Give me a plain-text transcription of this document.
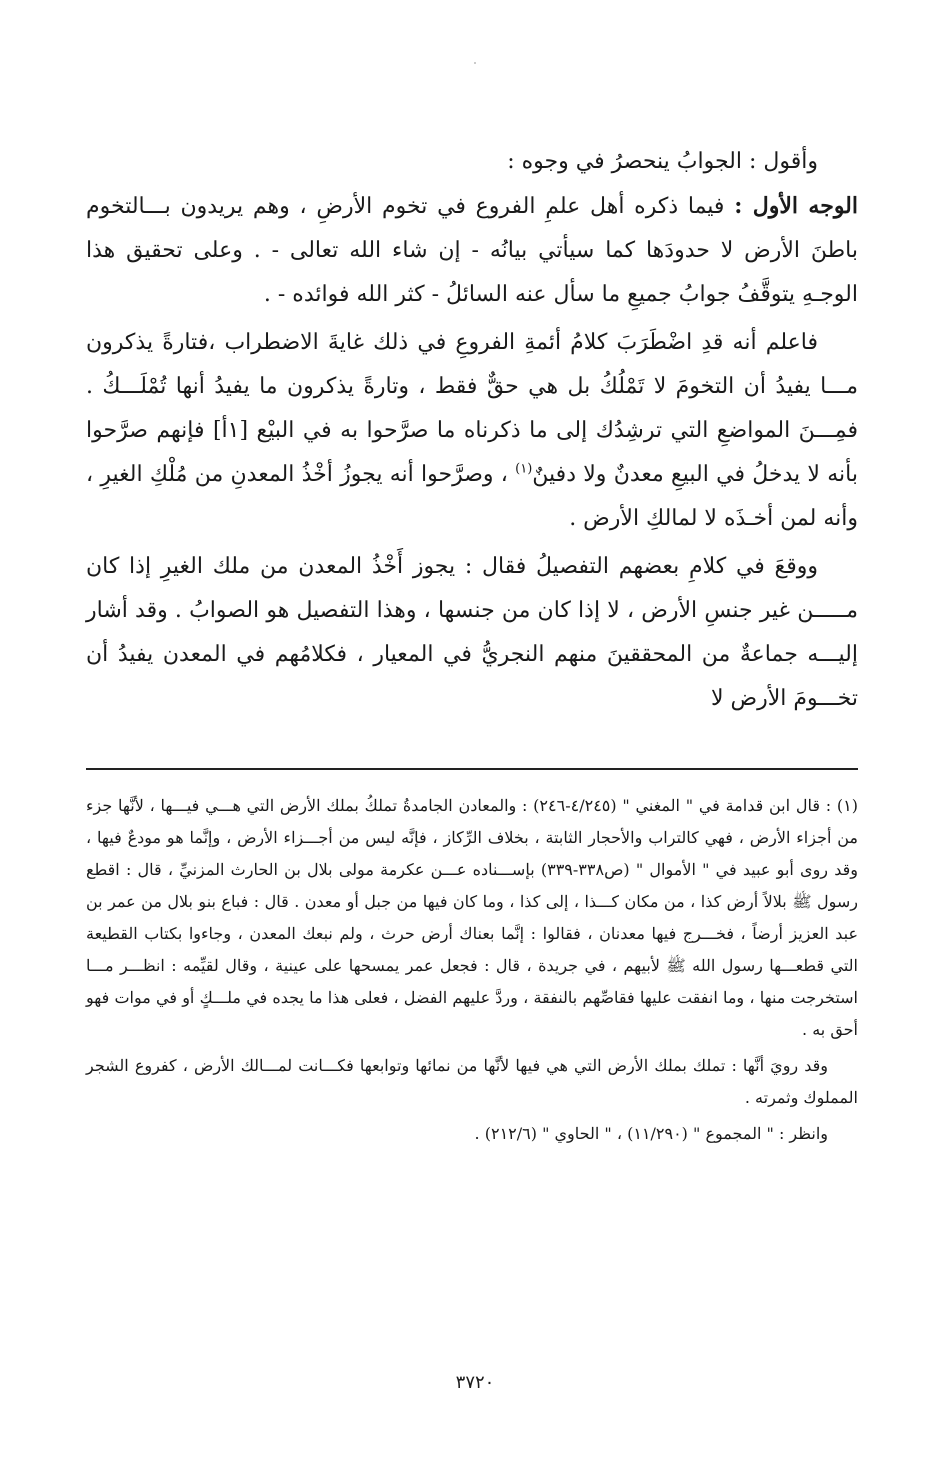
وأقول : الجوابُ ينحصرُ في وجوه :

الوجه الأول : فيما ذكره أهل علمِ الفروع في تخوم الأرضِ ، وهم يريدون بـــالتخوم باطنَ الأرض لا حدودَها كما سيأتي بيانُه - إن شاء الله تعالى - . وعلى تحقيق هذا الوجـهِ يتوقَّفُ جوابُ جميعِ ما سأل عنه السائلُ - كثر الله فوائده - .

فاعلم أنه قدِ اضْطَرَبَ كلامُ أئمةِ الفروعِ في ذلك غايةَ الاضطراب ،فتارةً يذكرون مـــا يفيدُ أن التخومَ لا تَمْلُكُ بل هي حقٌّ فقط ، وتارةً يذكرون ما يفيدُ أنها تُمْلَـــكُ . فمِـــنَ المواضعِ التي ترشِدُك إلى ما ذكرناه ما صرَّحوا به في البيْع [١أ] فإنهم صرَّحوا بأنه لا يدخلُ في البيعِ معدنٌ ولا دفينٌ$^{(١)}$ ، وصرَّحوا أنه يجوزُ أخْذُ المعدنِ من مُلْكِ الغيرِ ، وأنه لمن أخـذَه لا لمالكِ الأرض .

ووقعَ في كلامِ بعضهم التفصيلُ فقال : يجوز أَخْذُ المعدن من ملك الغيرِ إذا كان مـــــن غير جنسِ الأرض ، لا إذا كان من جنسها ، وهذا التفصيل هو الصوابُ . وقد أشار إليـــه جماعةٌ من المحققينَ منهم النجريُّ في المعيار ، فكلامُهم في المعدن يفيدُ أن تخـــومَ الأرض لا

(١) : قال ابن قدامة في " المغني " (٤/٢٤٥-٢٤٦) : والمعادن الجامدةُ تملكُ بملك الأرض التي هـــي فيـــها ، لأنَّها جزء من أجزاء الأرض ، فهي كالتراب والأحجار الثابتة ، بخلاف الرِّكاز ، فإنَّه ليس من أجـــزاء الأرض ، وإنَّما هو مودعٌ فيها ، وقد روى أبو عبيد في " الأموال " (ص٣٣٨-٣٣٩) بإســـناده عـــن عكرمة مولى بلال بن الحارث المزنيِّ ، قال : اقطع رسول ﷺ بلالاً أرض كذا ، من مكان كـــذا ، إلى كذا ، وما كان فيها من جبل أو معدن . قال : فباع بنو بلال من عمر بن عبد العزيز أرضاً ، فخـــرج فيها معدنان ، فقالوا : إنَّما بعناك أرض حرث ، ولم نبعك المعدن ، وجاءوا بكتاب القطيعة التي قطعـــها رسول الله ﷺ لأبيهم ، في جريدة ، قال : فجعل عمر يمسحها على عينية ، وقال لقيِّمه : انظـــر مـــا استخرجت منها ، وما انفقت عليها فقاصِّهم بالنفقة ، وردَّ عليهم الفضل ، فعلى هذا ما يجده في ملـــكٍ أو في موات فهو أحق به .

وقد رويَ أنَّها : تملك بملك الأرض التي هي فيها لأنَّها من نمائها وتوابعها فكـــانت لمـــالك الأرض ، كفروع الشجر المملوك وثمرته .

وانظر : " المجموع " (١١/٢٩٠) ، " الحاوي " (٢١٢/٦) .

٣٧٢٠
